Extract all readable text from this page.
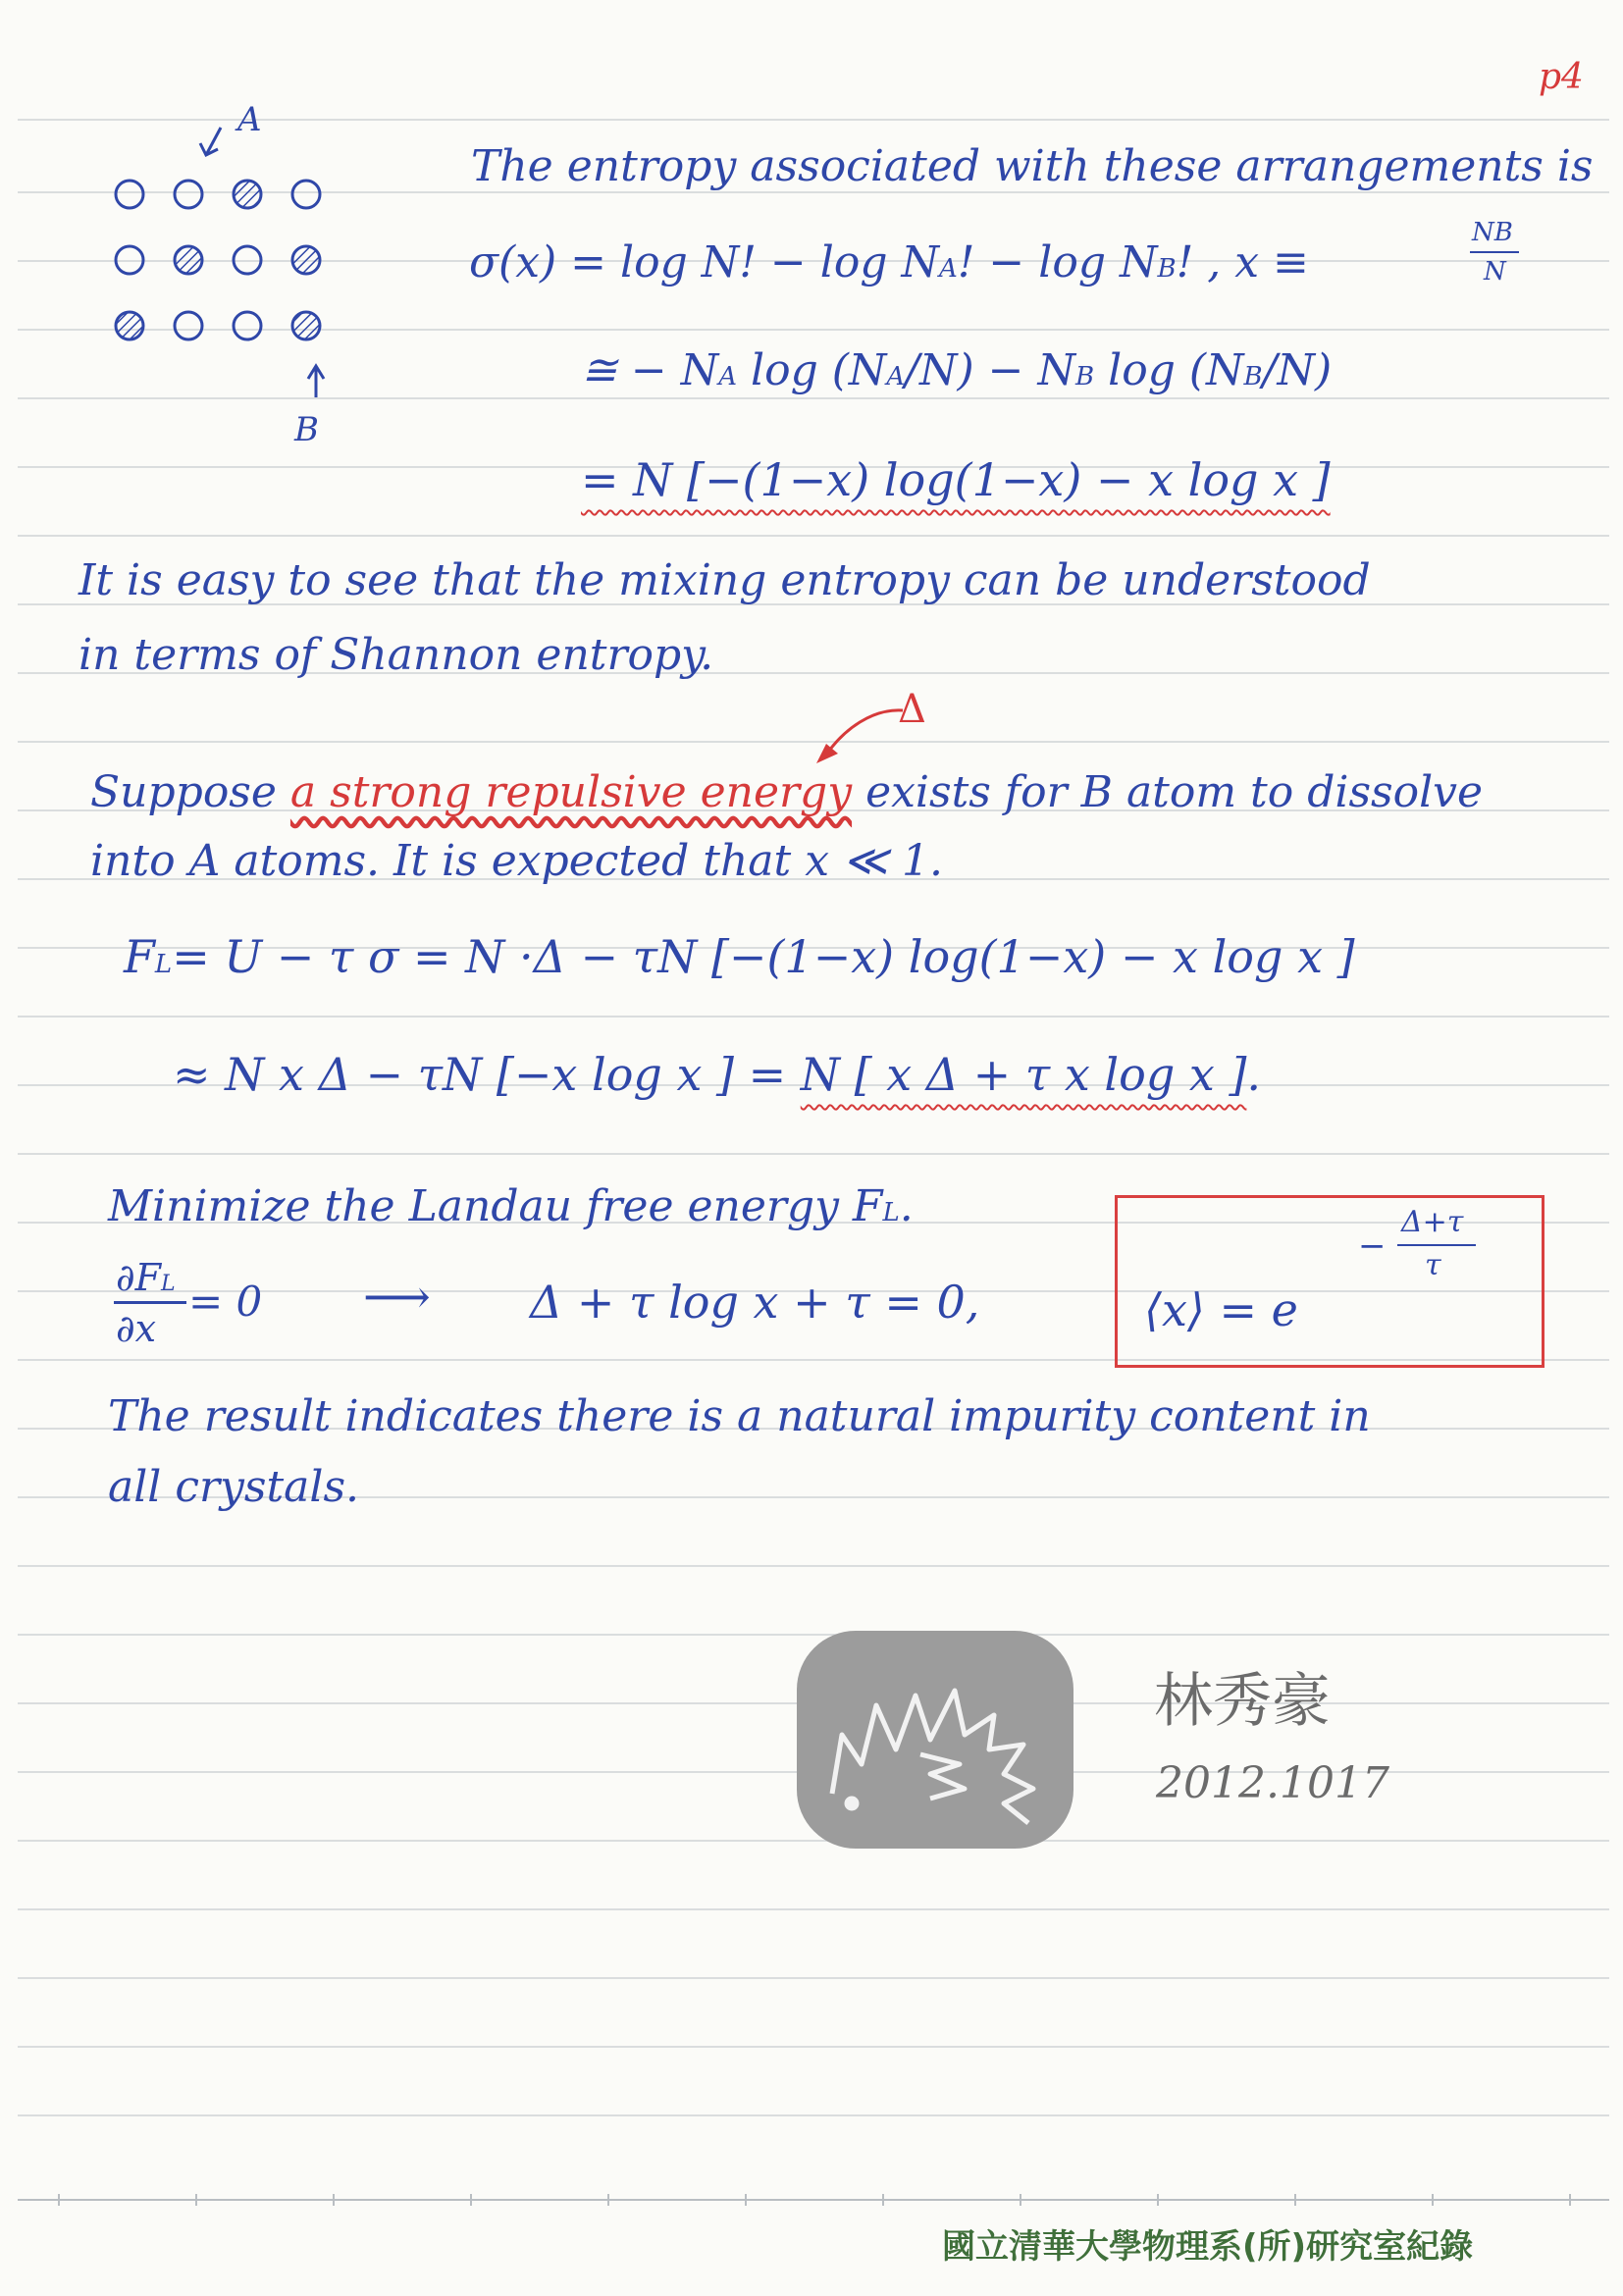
p4
A
B
The entropy associated with these arrangements is
σ(x) = log N! − log NA! − log NB! , x ≡
NB
N
≅ − NA log (NA/N) − NB log (NB/N)
= N [−(1−x) log(1−x) − x log x ]
It is easy to see that the mixing entropy can be understood
in terms of Shannon entropy.
Δ
Suppose a strong repulsive energy exists for B atom to dissolve
into A atoms. It is expected that x ≪ 1.
FL= U − τ σ = N ·Δ − τN [−(1−x) log(1−x) − x log x ]
≈ N x Δ − τN [−x log x ] = N [ x Δ + τ x log x ].
Minimize the Landau free energy FL.
∂FL
∂x
= 0 ⟶ Δ + τ log x + τ = 0,	⟨x⟩ = e
−
Δ+τ
τ
The result indicates there is a natural impurity content in
all crystals.
林秀豪
2012.1017
國立清華大學物理系(所)研究室紀錄
